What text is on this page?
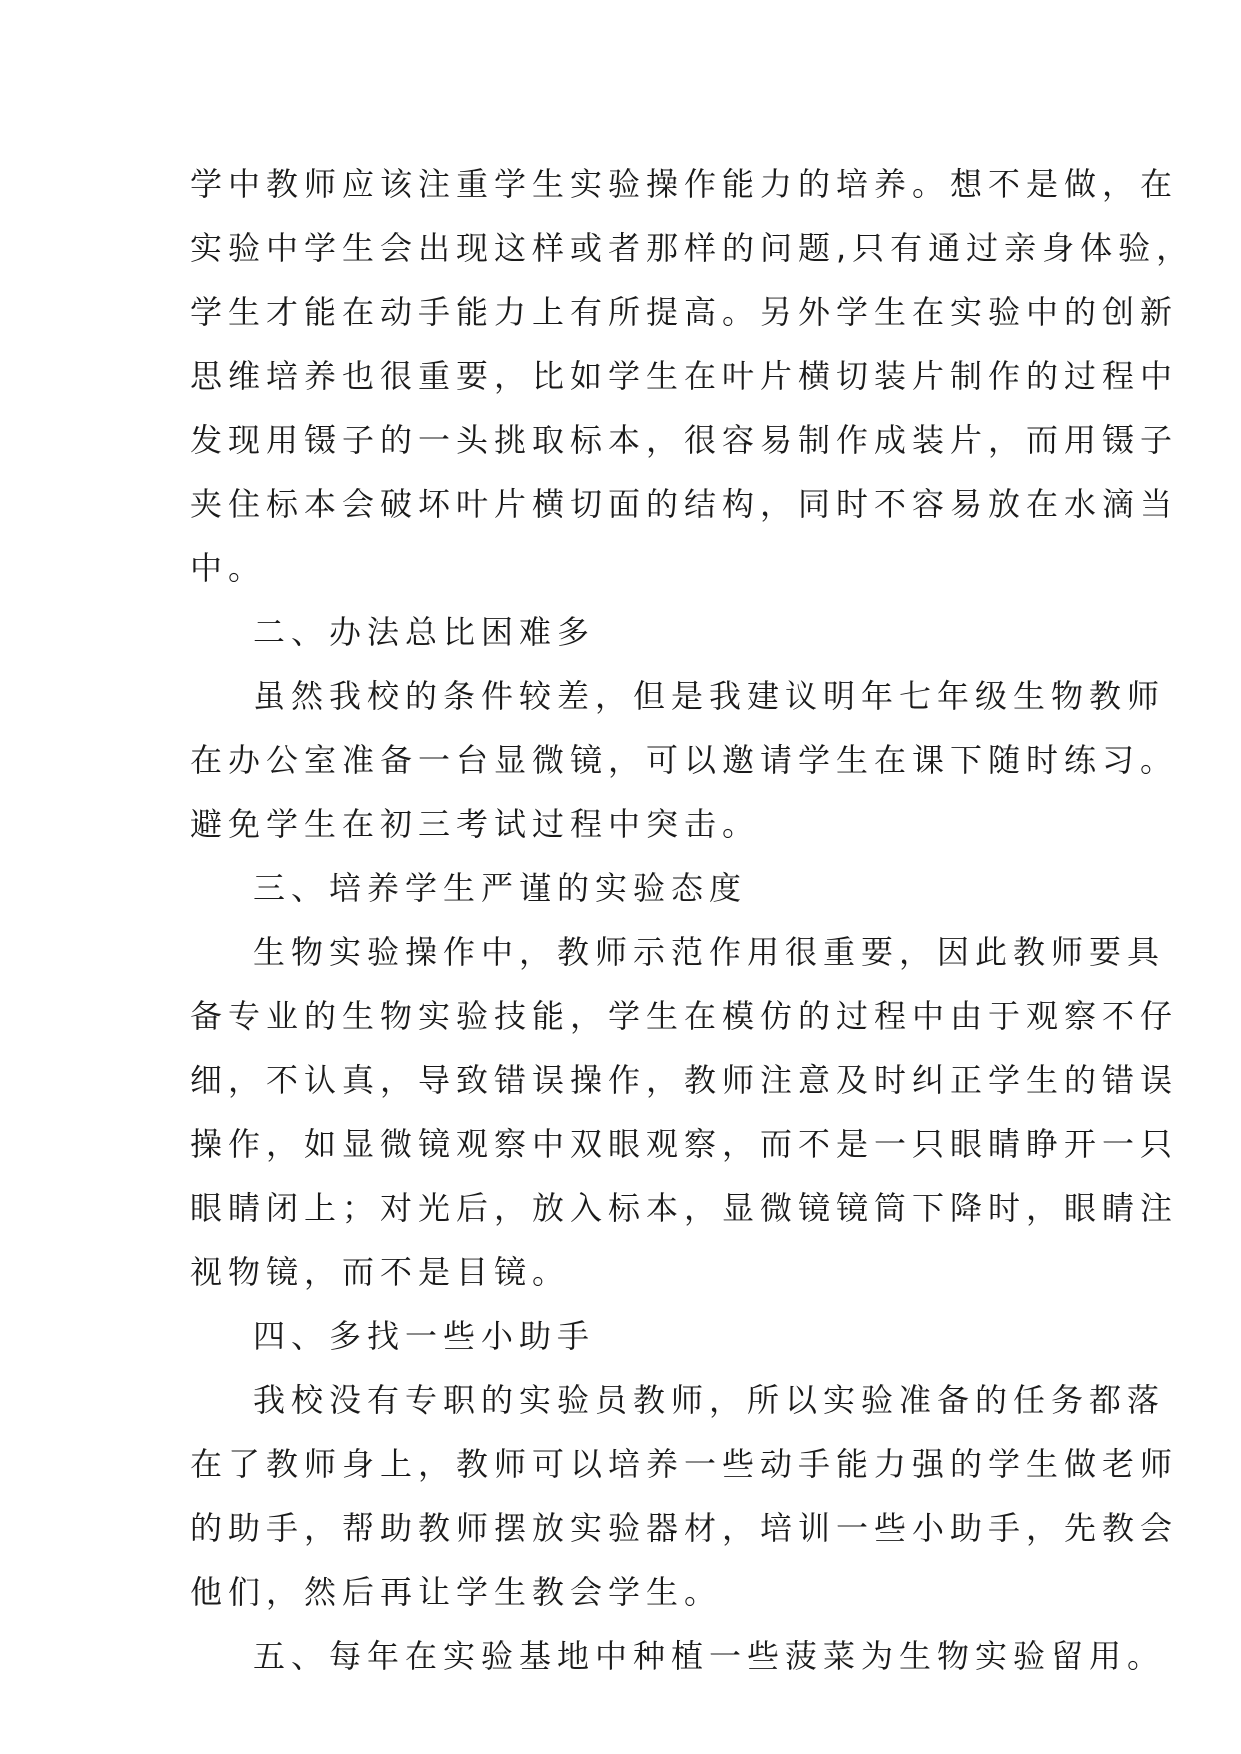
学中教师应该注重学生实验操作能力的培养。想不是做，在
实验中学生会出现这样或者那样的问题,只有通过亲身体验，
学生才能在动手能力上有所提高。另外学生在实验中的创新
思维培养也很重要，比如学生在叶片横切装片制作的过程中
发现用镊子的一头挑取标本，很容易制作成装片，而用镊子
夹住标本会破坏叶片横切面的结构，同时不容易放在水滴当
中。
二、办法总比困难多
虽然我校的条件较差，但是我建议明年七年级生物教师
在办公室准备一台显微镜，可以邀请学生在课下随时练习。
避免学生在初三考试过程中突击。
三、培养学生严谨的实验态度
生物实验操作中，教师示范作用很重要，因此教师要具
备专业的生物实验技能，学生在模仿的过程中由于观察不仔
细，不认真，导致错误操作，教师注意及时纠正学生的错误
操作，如显微镜观察中双眼观察，而不是一只眼睛睁开一只
眼睛闭上；对光后，放入标本，显微镜镜筒下降时，眼睛注
视物镜，而不是目镜。
四、多找一些小助手
我校没有专职的实验员教师，所以实验准备的任务都落
在了教师身上，教师可以培养一些动手能力强的学生做老师
的助手，帮助教师摆放实验器材，培训一些小助手，先教会
他们，然后再让学生教会学生。
五、每年在实验基地中种植一些菠菜为生物实验留用。
